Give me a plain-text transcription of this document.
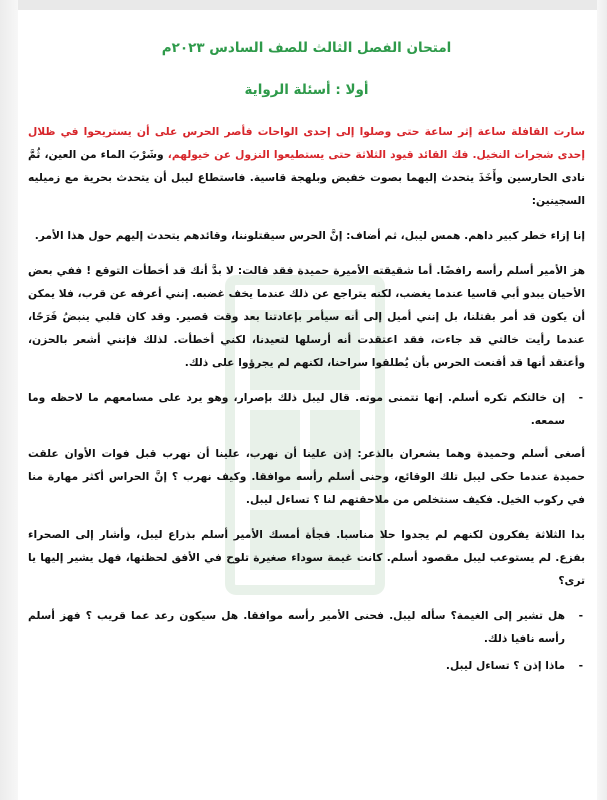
امتحان الفصل الثالث للصف السادس ٢٠٢٣م
أولا : أسئلة الرواية

سارت القافلة ساعة إثر ساعة حتى وصلوا إلى إحدى الواحات فأصر الحرس على أن يستريحوا في ظلال إحدى شجرات النخيل. فك القائد قيود الثلاثة حتى يستطيعوا النزول عن خيولهم، وشَرْبَ الماء من العين، ثُمَّ نادى الحارسين وأَخَذَ يتحدث إليهما بصوت خفيض وبلهجة قاسية. فاستطاع ليبل أن يتحدث بحرية مع زميليه السجينين:

إنا إزاء خطر كبير داهم. همس ليبل، ثم أضاف: إنَّ الحرس سيقتلوننا، وقائدهم يتحدث إليهم حول هذا الأمر.

هز الأمير أسلم رأسه رافضًا. أما شقيقته الأميرة حميدة فقد قالت: لا بدَّ أنك قد أخطأت التوقع ! ففي بعض الأحيان يبدو أبي قاسيا عندما يغضب، لكنه يتراجع عن ذلك عندما يخف غضبه. إنني أعرفه عن قرب، فلا يمكن أن يكون قد أمر بقتلنا، بل إنني أميل إلى أنه سيأمر بإعادتنا بعد وقت قصير. وقد كان قلبي ينبضُ فَرَحًا، عندما رأيت خالتي قد جاءت، فقد اعتقدت أنه أرسلها لتعيدنا، لكني أخطأت. لذلك فإنني أشعر بالحزن، وأعتقد أنها قد أقنعت الحرس بأن يُطلقوا سراحنا، لكنهم لم يجرؤوا على ذلك.

-
إن خالتكم تكره أسلم. إنها تتمنى موته. قال ليبل ذلك بإصرار، وهو يرد على مسامعهم ما لاحظه وما سمعه.

أصغى أسلم وحميدة وهما يشعران بالذعر: إذن علينا أن نهرب، علينا أن نهرب قبل فوات الأوان علقت حميدة عندما حكى ليبل تلك الوقائع، وحنى أسلم رأسه موافقا. وكيف نهرب ؟ إنَّ الحراس أكثر مهارة منا في ركوب الخيل. فكيف سنتخلص من ملاحقتهم لنا ؟ تساءل ليبل.

بدا الثلاثة يفكرون لكنهم لم يجدوا حلا مناسبا. فجأة أمسك الأمير أسلم بذراع ليبل، وأشار إلى الصحراء بفزع. لم يستوعب ليبل مقصود أسلم. كانت غيمة سوداء صغيرة تلوح في الأفق لحظتها، فهل يشير إليها يا ترى؟

-
هل تشير إلى الغيمة؟ سأله ليبل. فحنى الأمير رأسه موافقا. هل سيكون رعد عما قريب ؟ فهز أسلم رأسه نافيا ذلك.
-
ماذا إذن ؟ تساءل ليبل.
